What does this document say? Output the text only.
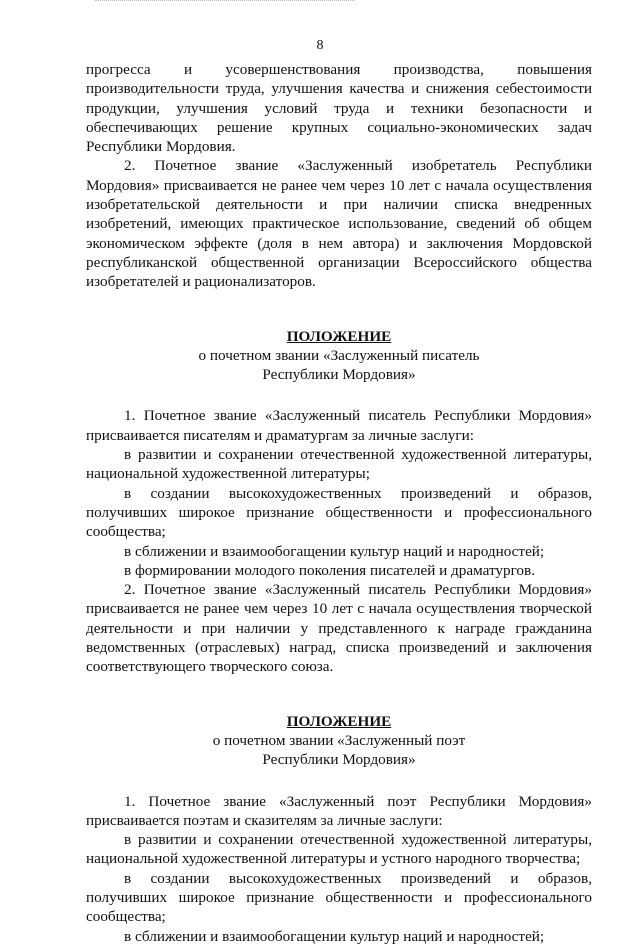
8

прогресса и усовершенствования производства, повышения

производительности труда, улучшения качества и снижения себестоимости

продукции, улучшения условий труда и техники безопасности и

обеспечивающих решение крупных социально-экономических задач

Республики Мордовия.

2. Почетное звание «Заслуженный изобретатель Республики

Мордовия» присваивается не ранее чем через 10 лет с начала осуществления

изобретательской деятельности и при наличии списка внедренных

изобретений, имеющих практическое использование, сведений об общем

экономическом эффекте (доля в нем автора) и заключения Мордовской

республиканской общественной организации Всероссийского общества

изобретателей и рационализаторов.

ПОЛОЖЕНИЕ

о почетном звании «Заслуженный писатель

Республики Мордовия»

1. Почетное звание «Заслуженный писатель Республики Мордовия»

присваивается писателям и драматургам за личные заслуги:

в развитии и сохранении отечественной художественной литературы,

национальной художественной литературы;

в создании высокохудожественных произведений и образов,

получивших широкое признание общественности и профессионального

сообщества;

в сближении и взаимообогащении культур наций и народностей;

в формировании молодого поколения писателей и драматургов.

2. Почетное звание «Заслуженный писатель Республики Мордовия»

присваивается не ранее чем через 10 лет с начала осуществления творческой

деятельности и при наличии у представленного к награде гражданина

ведомственных (отраслевых) наград, списка произведений и заключения

соответствующего творческого союза.

ПОЛОЖЕНИЕ

о почетном звании «Заслуженный поэт

Республики Мордовия»

1. Почетное звание «Заслуженный поэт Республики Мордовия»

присваивается поэтам и сказителям за личные заслуги:

в развитии и сохранении отечественной художественной литературы,

национальной художественной литературы и устного народного творчества;

в создании высокохудожественных произведений и образов,

получивших широкое признание общественности и профессионального

сообщества;

в сближении и взаимообогащении культур наций и народностей;
